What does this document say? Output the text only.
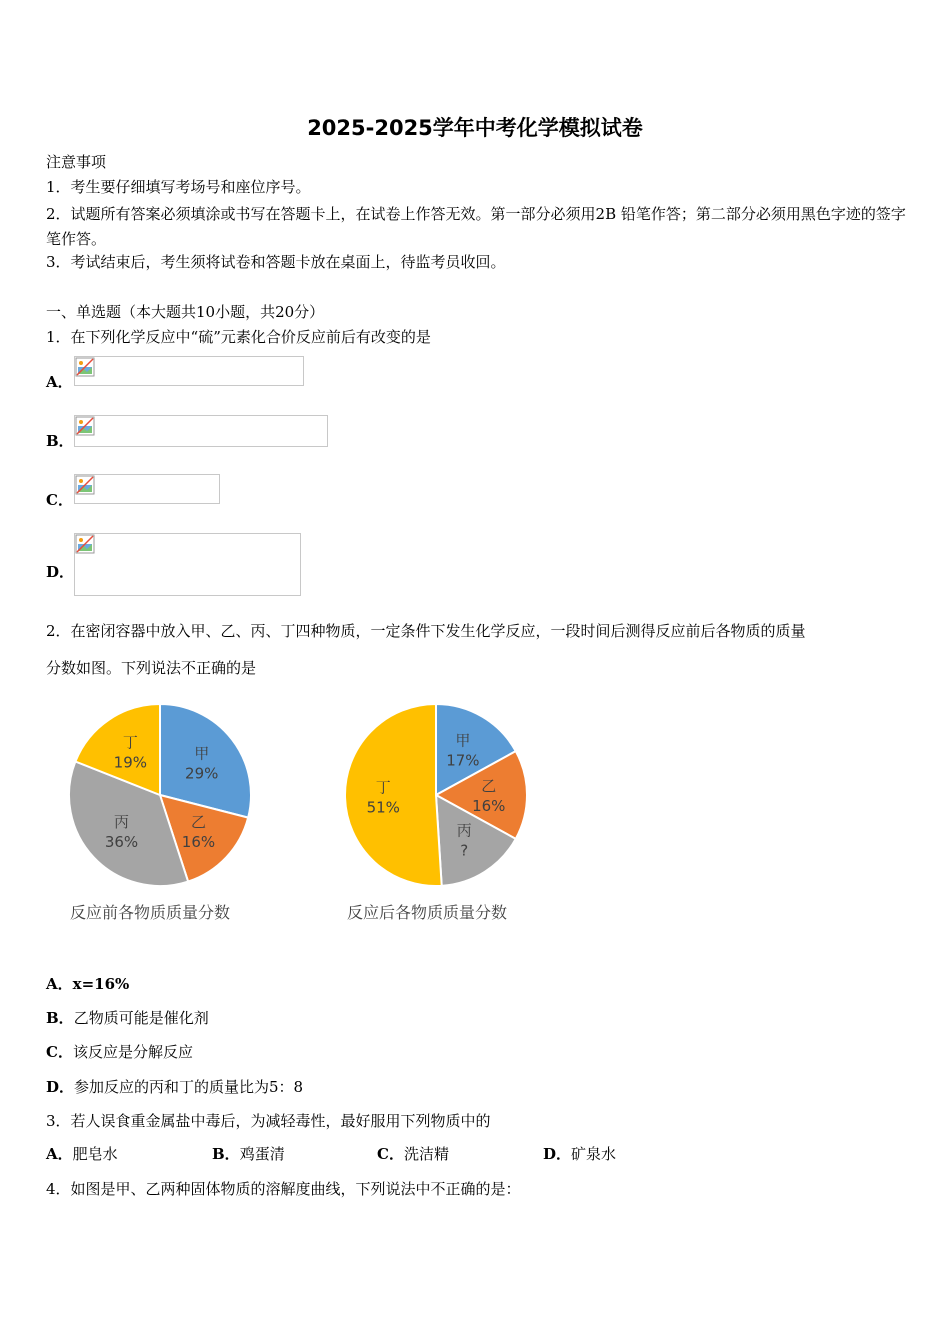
2025-2025学年中考化学模拟试卷
注意事项
1．考生要仔细填写考场号和座位序号。
2．试题所有答案必须填涂或书写在答题卡上，在试卷上作答无效。第一部分必须用2B 铅笔作答；第二部分必须用黑色字迹的签字笔作答。
3．考试结束后，考生须将试卷和答题卡放在桌面上，待监考员收回。
一、单选题（本大题共10小题，共20分）
1．在下列化学反应中“硫”元素化合价反应前后有改变的是
A．
B．
C．
D．
2．在密闭容器中放入甲、乙、丙、丁四种物质，一定条件下发生化学反应，一段时间后测得反应前后各物质的质量
分数如图。下列说法不正确的是
甲
29%
乙
16%
丙
36%
丁
19%
反应前各物质质量分数
甲
17%
乙
16%
丙
?
丁
51%
反应后各物质质量分数
A．x=16%
B．乙物质可能是催化剂
C．该反应是分解反应
D．参加反应的丙和丁的质量比为5：8
3．若人误食重金属盐中毒后，为减轻毒性，最好服用下列物质中的
A．肥皂水	B．鸡蛋清	C．洗洁精	D．矿泉水
4．如图是甲、乙两种固体物质的溶解度曲线，下列说法中不正确的是：
